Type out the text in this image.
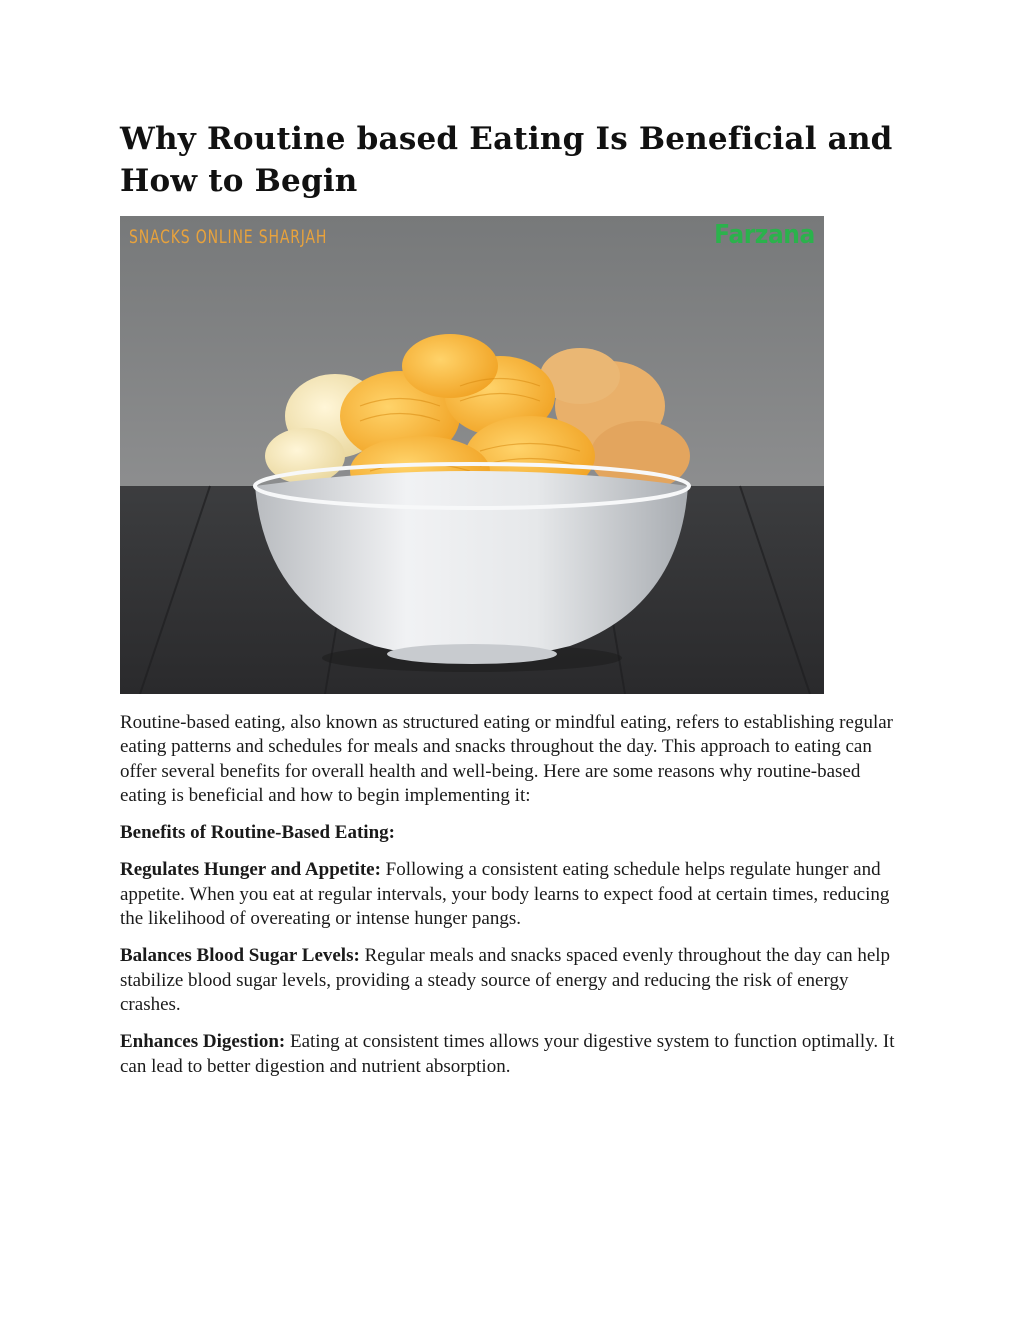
Why Routine based Eating Is Beneficial and How to Begin
SNACKS ONLINE SHARJAH	Farzana

Routine-based eating, also known as structured eating or mindful eating, refers to establishing regular eating patterns and schedules for meals and snacks throughout the day. This approach to eating can offer several benefits for overall health and well-being. Here are some reasons why routine-based eating is beneficial and how to begin implementing it:

Benefits of Routine-Based Eating:

Regulates Hunger and Appetite: Following a consistent eating schedule helps regulate hunger and appetite. When you eat at regular intervals, your body learns to expect food at certain times, reducing the likelihood of overeating or intense hunger pangs.

Balances Blood Sugar Levels: Regular meals and snacks spaced evenly throughout the day can help stabilize blood sugar levels, providing a steady source of energy and reducing the risk of energy crashes.

Enhances Digestion: Eating at consistent times allows your digestive system to function optimally. It can lead to better digestion and nutrient absorption.
